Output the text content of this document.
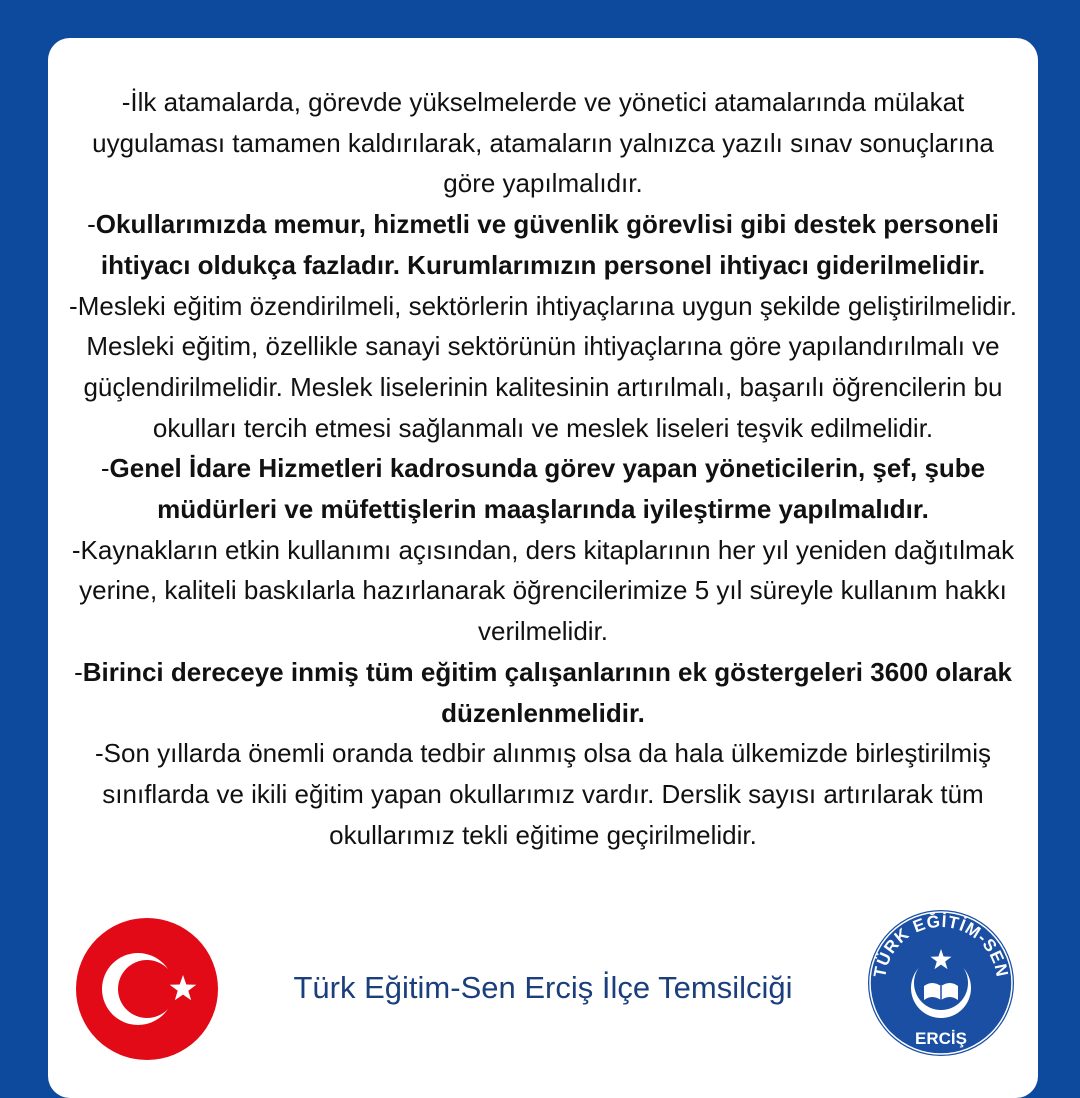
-İlk atamalarda, görevde yükselmelerde ve yönetici atamalarında mülakat uygulaması tamamen kaldırılarak, atamaların yalnızca yazılı sınav sonuçlarına göre yapılmalıdır.

-Okullarımızda memur, hizmetli ve güvenlik görevlisi gibi destek personeli ihtiyacı oldukça fazladır. Kurumlarımızın personel ihtiyacı giderilmelidir.

-Mesleki eğitim özendirilmeli, sektörlerin ihtiyaçlarına uygun şekilde geliştirilmelidir. Mesleki eğitim, özellikle sanayi sektörünün ihtiyaçlarına göre yapılandırılmalı ve güçlendirilmelidir. Meslek liselerinin kalitesinin artırılmalı, başarılı öğrencilerin bu okulları tercih etmesi sağlanmalı ve meslek liseleri teşvik edilmelidir.

-Genel İdare Hizmetleri kadrosunda görev yapan yöneticilerin, şef, şube müdürleri ve müfettişlerin maaşlarında iyileştirme yapılmalıdır.

-Kaynakların etkin kullanımı açısından, ders kitaplarının her yıl yeniden dağıtılmak yerine, kaliteli baskılarla hazırlanarak öğrencilerimize 5 yıl süreyle kullanım hakkı verilmelidir.

-Birinci dereceye inmiş tüm eğitim çalışanlarının ek göstergeleri 3600 olarak düzenlenmelidir.

-Son yıllarda önemli oranda tedbir alınmış olsa da hala ülkemizde birleştirilmiş sınıflarda ve ikili eğitim yapan okullarımız vardır. Derslik sayısı artırılarak tüm okullarımız tekli eğitime geçirilmelidir.

Türk Eğitim-Sen Erciş İlçe Temsilciği	TÜRK EĞİTİM-SEN
ERCİŞ
